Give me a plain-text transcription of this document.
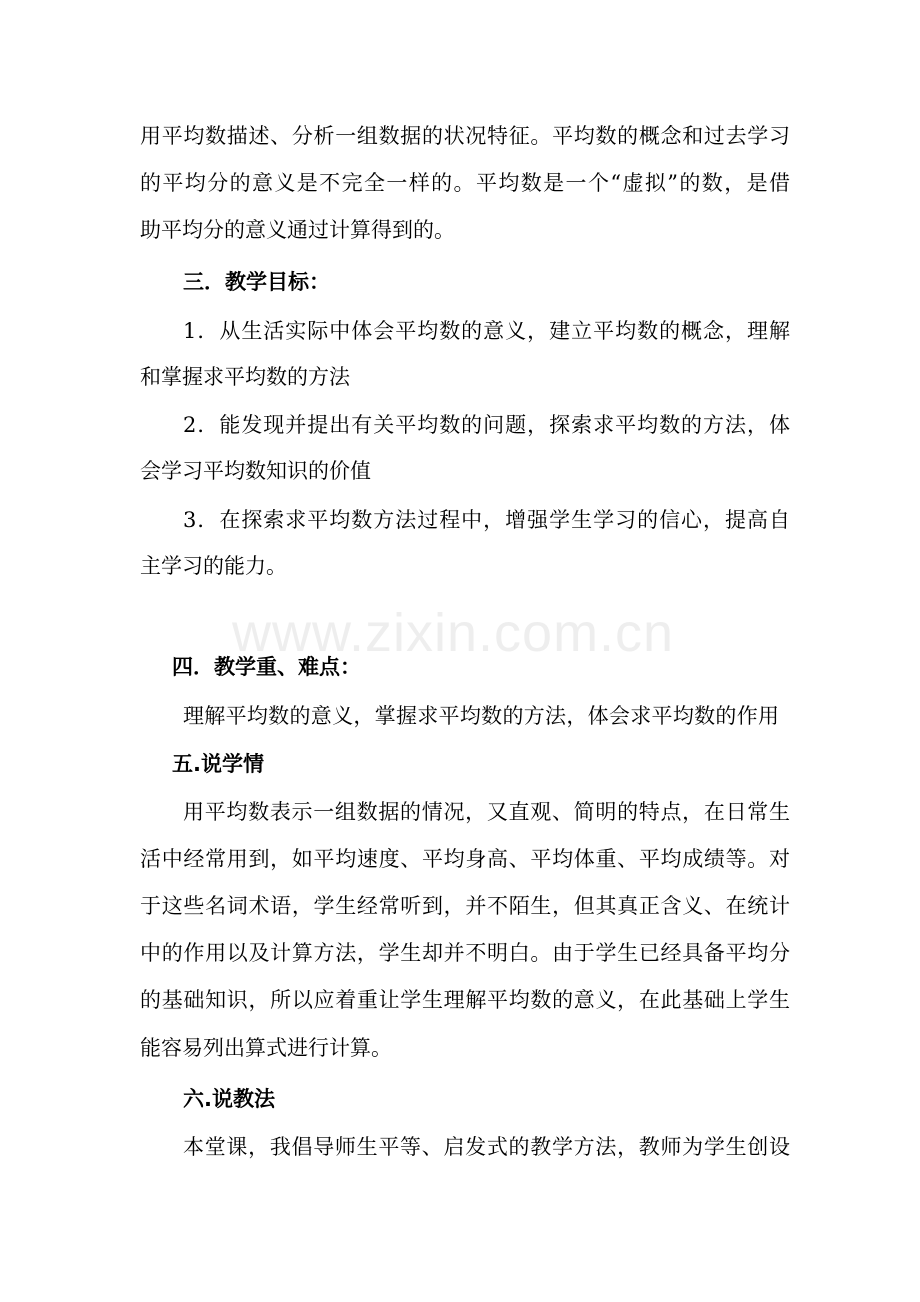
用平均数描述、分析一组数据的状况特征。平均数的概念和过去学习
的平均分的意义是不完全一样的。平均数是一个“虚拟”的数，是借
助平均分的意义通过计算得到的。
三．教学目标：
1．从生活实际中体会平均数的意义，建立平均数的概念，理解
和掌握求平均数的方法
2．能发现并提出有关平均数的问题，探索求平均数的方法，体
会学习平均数知识的价值
3．在探索求平均数方法过程中，增强学生学习的信心，提高自
主学习的能力。
www.zixin.com.cn
四．教学重、难点：
理解平均数的意义，掌握求平均数的方法，体会求平均数的作用
五.说学情
用平均数表示一组数据的情况，又直观、简明的特点，在日常生
活中经常用到，如平均速度、平均身高、平均体重、平均成绩等。对
于这些名词术语，学生经常听到，并不陌生，但其真正含义、在统计
中的作用以及计算方法，学生却并不明白。由于学生已经具备平均分
的基础知识，所以应着重让学生理解平均数的意义，在此基础上学生
能容易列出算式进行计算。
六.说教法
本堂课，我倡导师生平等、启发式的教学方法，教师为学生创设
